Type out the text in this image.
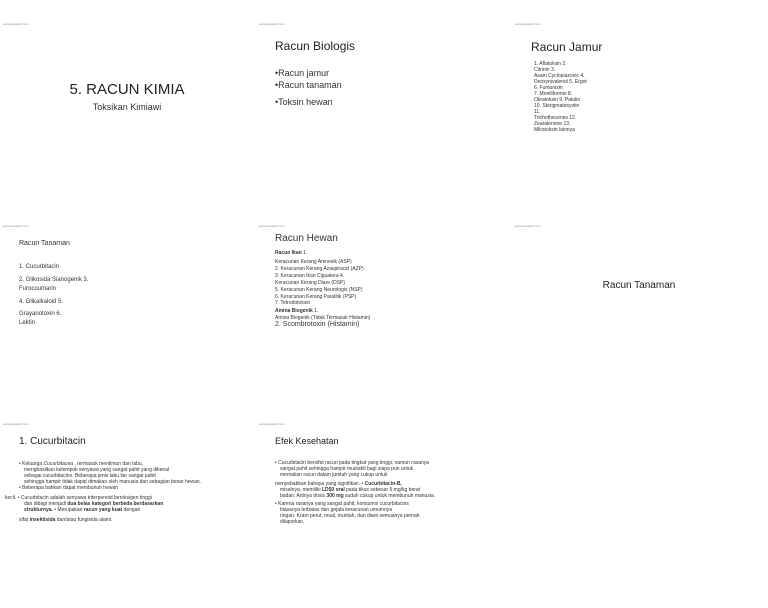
www.research.com
5. RACUN KIMIA
Toksikan Kimiawi
www.research.com
Racun Biologis
•Racun jamur
•Racun tanaman
•Toksin hewan
www.research.com
Racun Jamur
1. Aflatoksin 2.
Citrinin 3.
Asam Cyclopiazonic 4.
Deoxynivalenol 5. Ergot
6. Fumonisin
7. Moniliformin 8.
Okratoksin 9. Patulin
10. Sterigmatosystin
11.
Trichothecenes 12.
Zearalenone 13.
Mikotoksin lainnya
www.research.com
Racun Tanaman
1. Cucurbitacin
2. Glikosida Sianogenik 3.
Furocoumarin
4. Glikalkaloid 5.
Grayanotoxin 6.
Lektin
www.research.com
Racun Hewan
Racun Ikan 1.
Keracunan Kerang Amnesik (ASP)
2. Keracunan Kerang Azaspiracid (AZP)
3. Keracunan Ikan Ciguatera 4.
Keracunan Kerang Diare (DSP)
5. Keracunan Kerang Neurologis (NSP)
6. Keracunan Kerang Paralitik (PSP)
7. Tetrodotoksin
Amina Biogenik 1.
Amina Biogenik (Tidak Termasuk Histamin)
2. Scombrotoxin (Histamin)
www.research.com
Racun Tanaman
www.research.com
1. Cucurbitacin
• Keluarga Cucurbitacea , termasuk mentimun dan labu,
menghasilkan kelompok senyawa yang sangat pahit yang dikenal
sebagai cucurbitacins. Beberapa jenis labu liar sangat pahit
sehingga hampir tidak dapat dimakan oleh manusia dan sebagian besar hewan.
• Beberapa bahkan dapat membunuh hewan
kecil. • Cucurbitacin adalah senyawa triterpenoid beroksigen tinggi
dan dibagi menjadi dua belas kategori berbeda berdasarkan
strukturnya. • Merupakan racun yang kuat dengan
sifat insektisida dan/atau fungisida alami.
www.research.com
Efek Kesehatan
• Cucurbitacin bersifat racun pada tingkat yang tinggi, namun rasanya
sangat pahit sehingga hampir mustahil bagi siapa pun untuk
memakan racun dalam jumlah yang cukup untuk
menyebabkan bahaya yang signifikan. • Cucurbitacin-B,
misalnya, memiliki LD50 oral pada tikus sebesar 5 mg/kg berat
badan. Artinya dosis 300 mg sudah cukup untuk membunuh manusia.
• Karena rasanya yang sangat pahit, konsumsi cucurbitacins
biasanya terbatas dan gejala keracunan umumnya
ringan. Kram perut, mual, muntah, dan diare semuanya pernah
dilaporkan.
